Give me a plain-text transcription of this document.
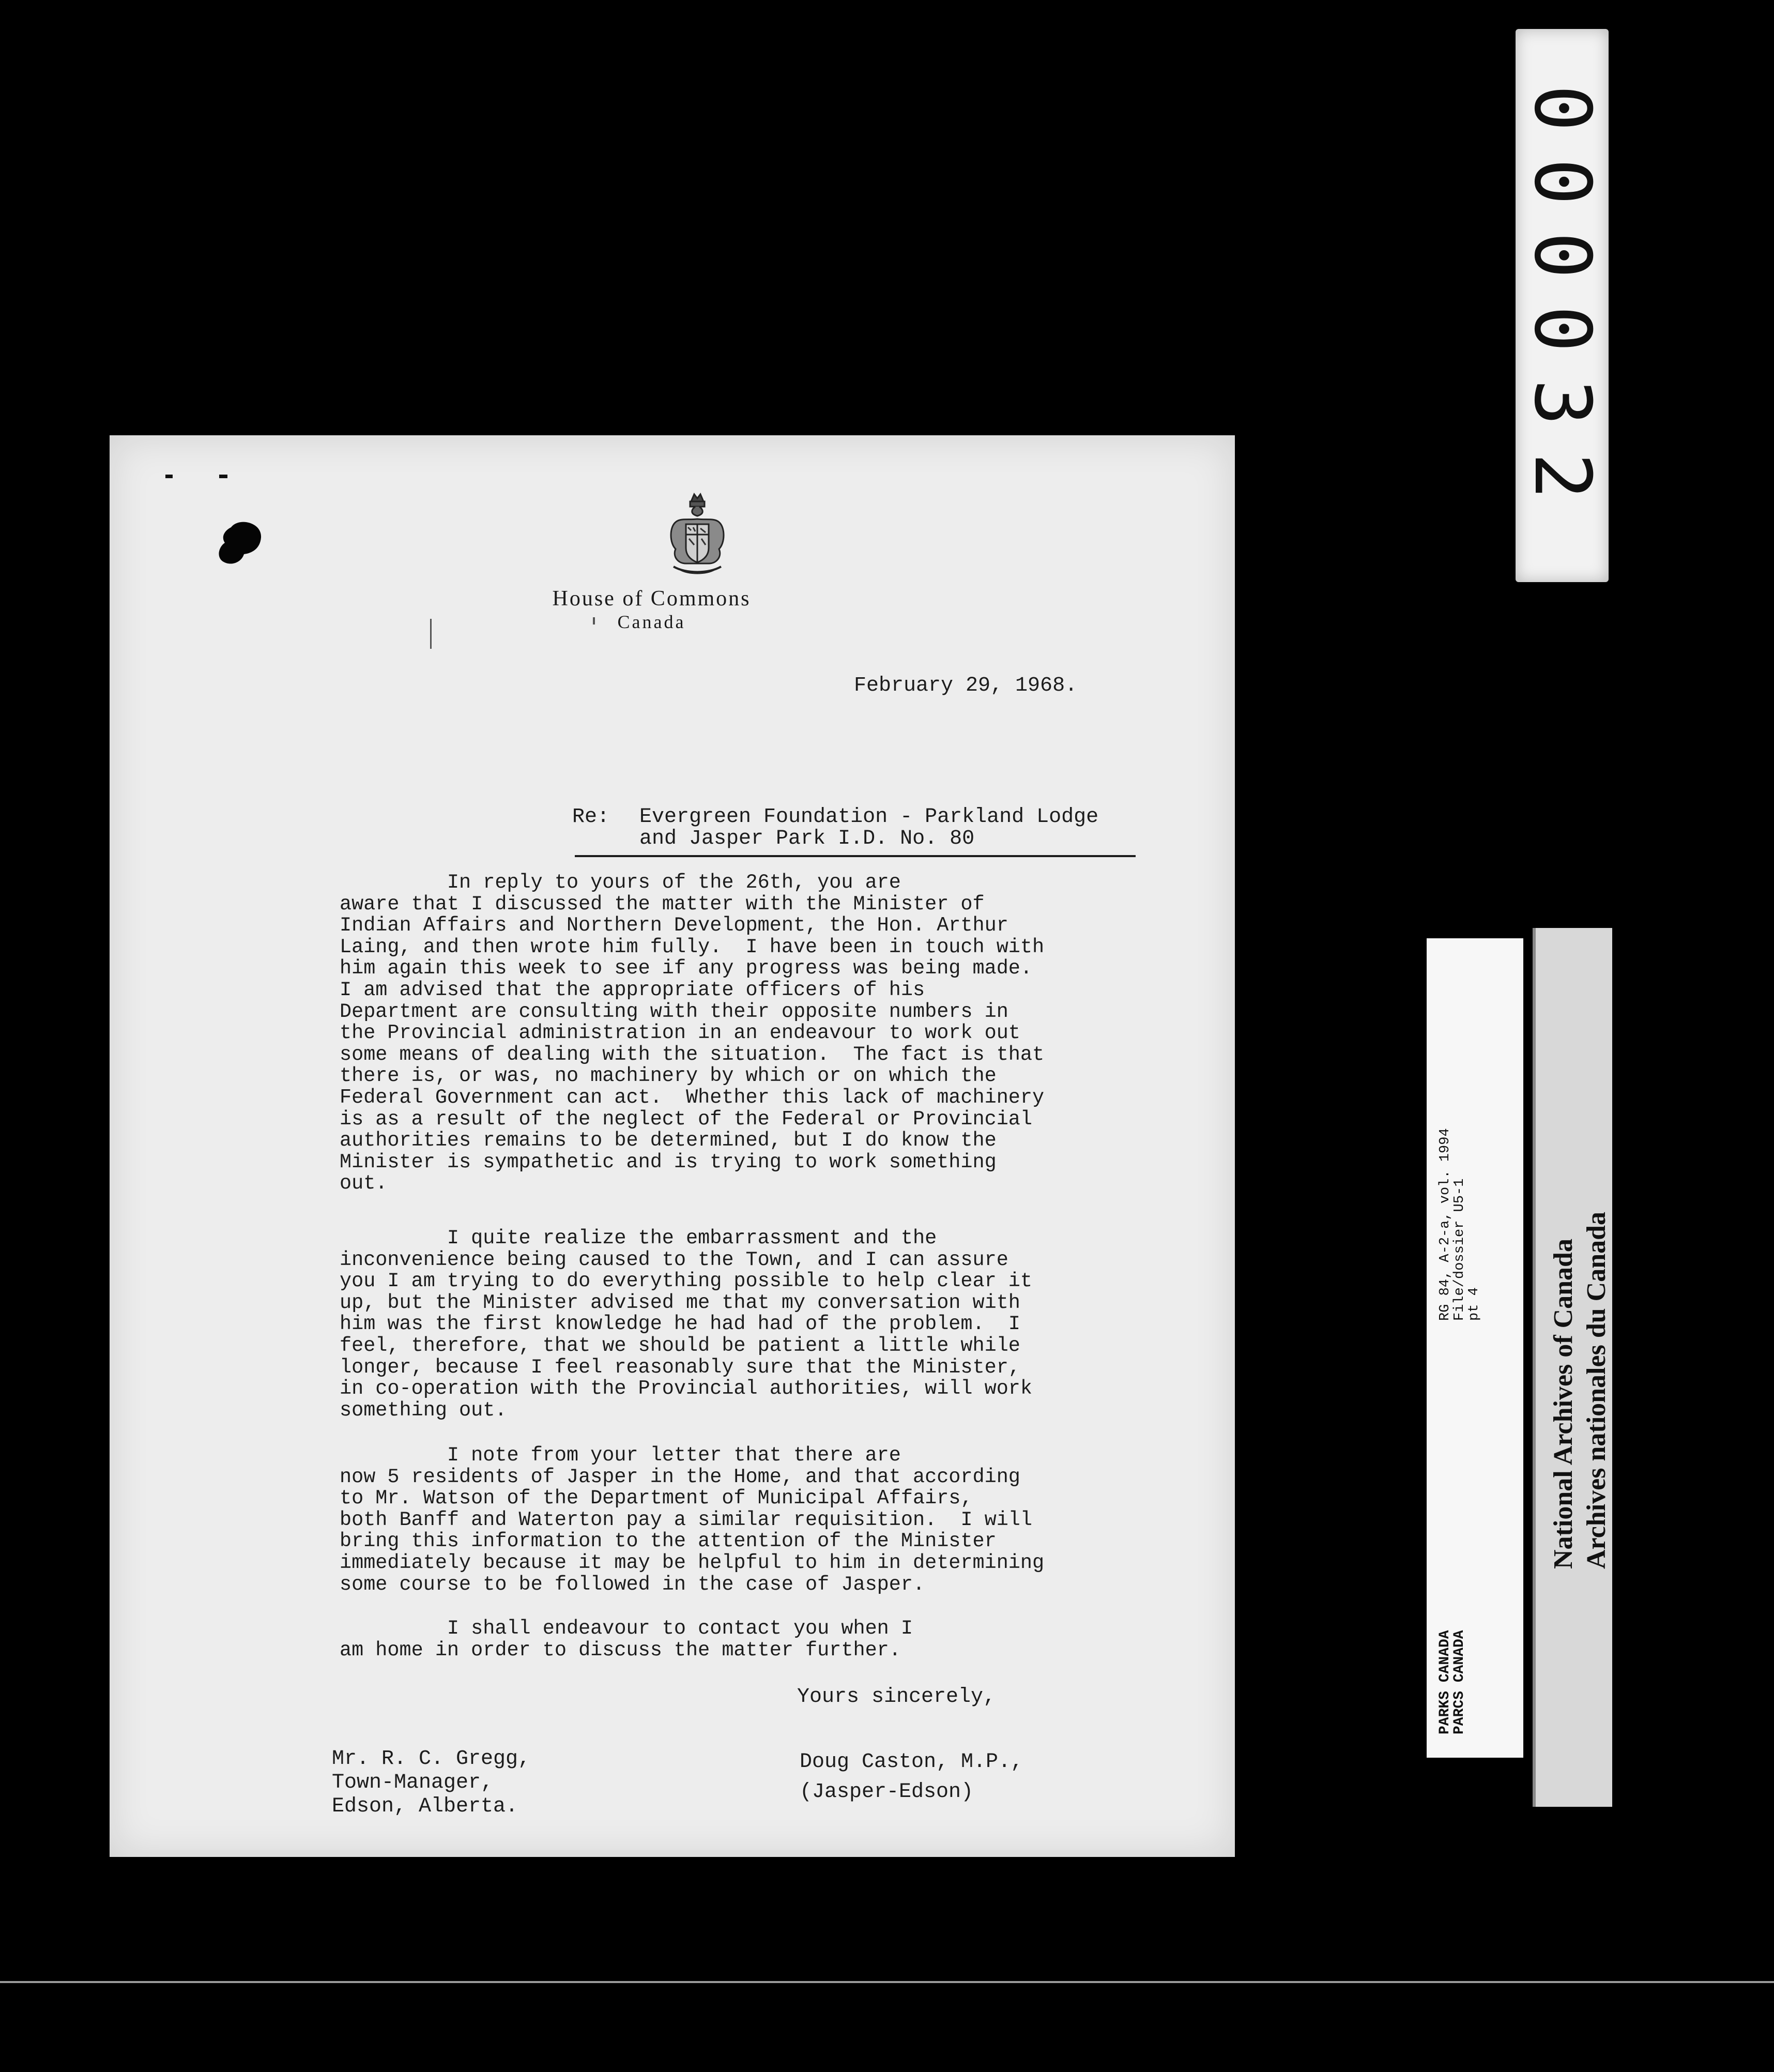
House of Commons
Canada
February 29, 1968.
Re: Evergreen Foundation - Parkland Lodge
and Jasper Park I.D. No. 80
In reply to yours of the 26th, you are
aware that I discussed the matter with the Minister of
Indian Affairs and Northern Development, the Hon. Arthur
Laing, and then wrote him fully.  I have been in touch with
him again this week to see if any progress was being made.
I am advised that the appropriate officers of his
Department are consulting with their opposite numbers in
the Provincial administration in an endeavour to work out
some means of dealing with the situation.  The fact is that
there is, or was, no machinery by which or on which the
Federal Government can act.  Whether this lack of machinery
is as a result of the neglect of the Federal or Provincial
authorities remains to be determined, but I do know the
Minister is sympathetic and is trying to work something
out.
I quite realize the embarrassment and the
inconvenience being caused to the Town, and I can assure
you I am trying to do everything possible to help clear it
up, but the Minister advised me that my conversation with
him was the first knowledge he had had of the problem.  I
feel, therefore, that we should be patient a little while
longer, because I feel reasonably sure that the Minister,
in co-operation with the Provincial authorities, will work
something out.
I note from your letter that there are
now 5 residents of Jasper in the Home, and that according
to Mr. Watson of the Department of Municipal Affairs,
both Banff and Waterton pay a similar requisition.  I will
bring this information to the attention of the Minister
immediately because it may be helpful to him in determining
some course to be followed in the case of Jasper.
I shall endeavour to contact you when I
am home in order to discuss the matter further.
Yours sincerely,
Mr. R. C. Gregg,
Town-Manager,
Edson, Alberta.
Doug Caston, M.P.,
(Jasper-Edson)
000032
RG 84, A-2-a, vol. 1994
File/dossier U5-1
pt 4
PARKS CANADA
PARCS CANADA
National Archives of Canada
Archives nationales du Canada
